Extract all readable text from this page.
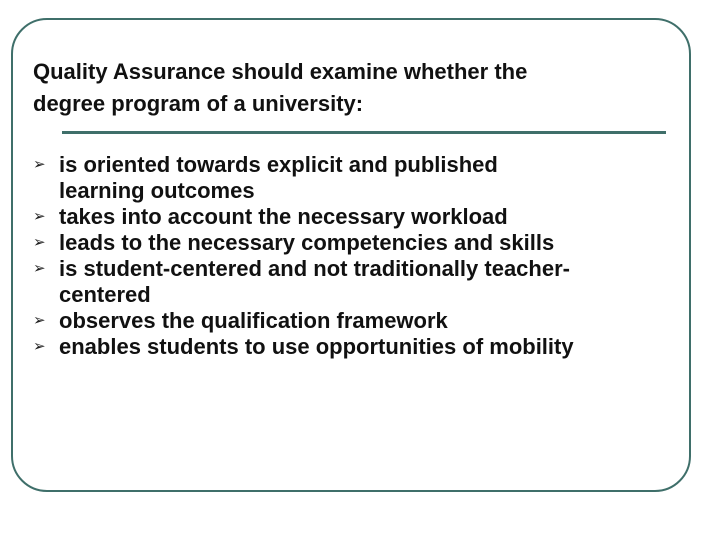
Quality Assurance should examine whether the
degree program of a university:
➢ is oriented towards explicit and published
learning outcomes
➢ takes into account the necessary workload
➢ leads to the necessary competencies and skills
➢ is student-centered and not traditionally teacher-
centered
➢ observes the qualification framework
➢ enables students to use opportunities of mobility
